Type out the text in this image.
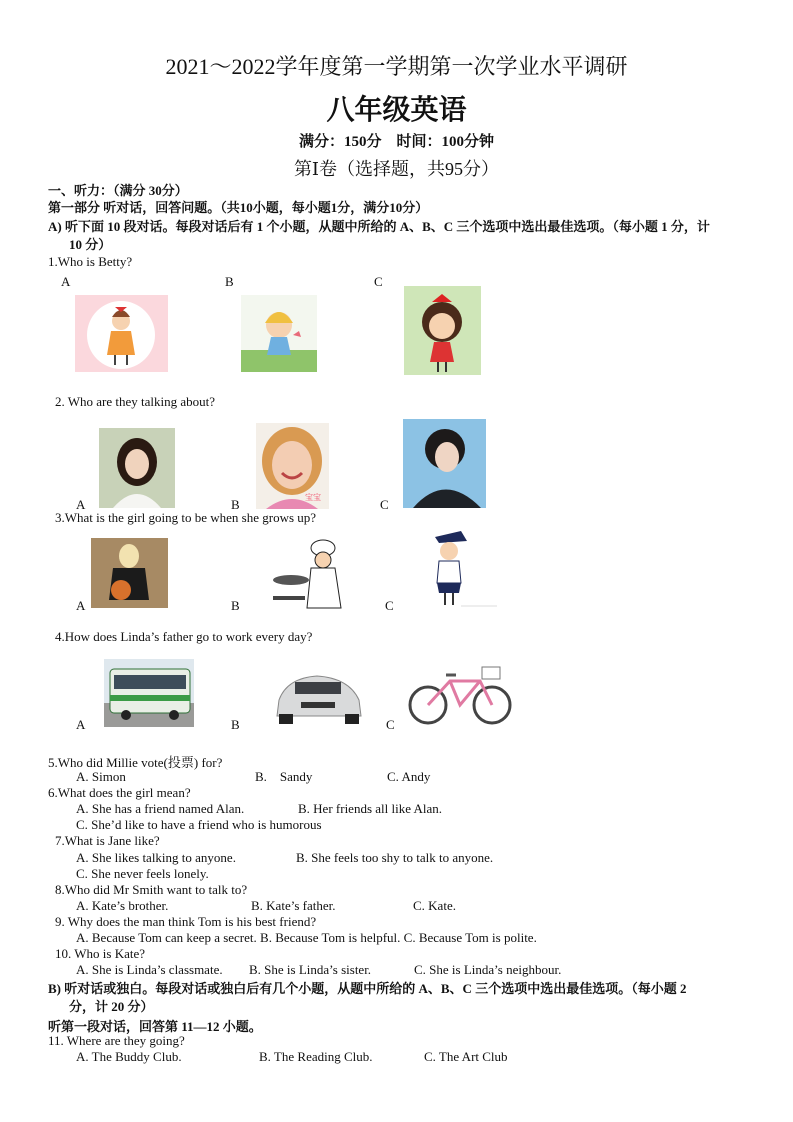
2021～2022学年度第一学期第一次学业水平调研
八年级英语
满分：150分    时间：100分钟
第Ⅰ卷（选择题，共95分）
一、听力：（满分 30分）
第一部分 听对话，回答问题。（共10小题，每小题1分，满分10分）
A) 听下面 10 段对话。每段对话后有 1 个小题，从题中所给的 A、B、C 三个选项中选出最佳选项。（每小题 1 分，计
10 分）
1.Who is Betty?
A	B	C
2. Who are they talking about?
宝宝
A	B	C
3.What is the girl going to be when she grows up?
A	B	C
4.How does Linda’s father go to work every day?
A	B	C
5.Who did Millie vote(投票) for?
A. Simon	B.    Sandy	C. Andy
6.What does the girl mean?
A. She has a friend named Alan.	B. Her friends all like Alan.
C. She’d like to have a friend who is humorous
7.What is Jane like?
A. She likes talking to anyone.	B. She feels too shy to talk to anyone.
C. She never feels lonely.
8.Who did Mr Smith want to talk to?
A. Kate’s brother.	B. Kate’s father.	C. Kate.
9. Why does the man think Tom is his best friend?
A. Because Tom can keep a secret. B. Because Tom is helpful. C. Because Tom is polite.
10. Who is Kate?
A. She is Linda’s classmate. B. She is Linda’s sister.	C. She is Linda’s neighbour.
B) 听对话或独白。每段对话或独白后有几个小题，从题中所给的 A、B、C 三个选项中选出最佳选项。（每小题 2
分，计 20 分）
听第一段对话，回答第 11—12 小题。
11. Where are they going?
A. The Buddy Club.	B. The Reading Club.	C. The Art Club
